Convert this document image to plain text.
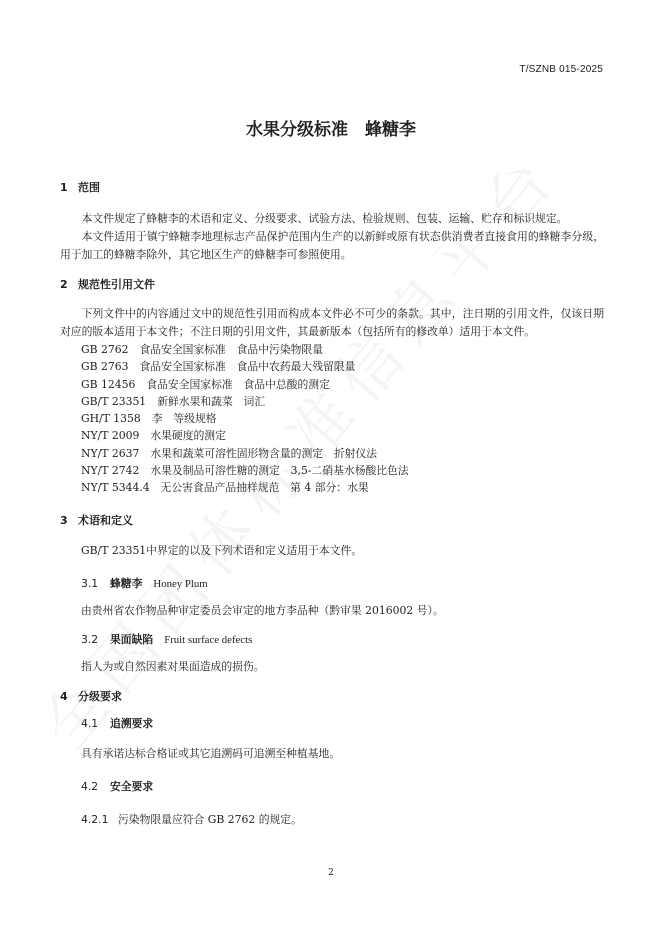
T/SZNB 015-2025
水果分级标准　蜂糖李
1 范围
本文件规定了蜂糖李的术语和定义、分级要求、试验方法、检验规则、包装、运输、贮存和标识规定。
本文件适用于镇宁蜂糖李地理标志产品保护范围内生产的以新鲜或原有状态供消费者直接食用的蜂糖李分级，用于加工的蜂糖李除外，其它地区生产的蜂糖李可参照使用。
2 规范性引用文件
下列文件中的内容通过文中的规范性引用而构成本文件必不可少的条款。其中，注日期的引用文件，仅该日期对应的版本适用于本文件；不注日期的引用文件，其最新版本（包括所有的修改单）适用于本文件。
GB 2762 食品安全国家标准　食品中污染物限量
GB 2763 食品安全国家标准　食品中农药最大残留限量
GB 12456 食品安全国家标准　食品中总酸的测定
GB/T 23351 新鲜水果和蔬菜　词汇
GH/T 1358 李　等级规格
NY/T 2009 水果硬度的测定
NY/T 2637 水果和蔬菜可溶性固形物含量的测定　折射仪法
NY/T 2742 水果及制品可溶性糖的测定　3,5-二硝基水杨酸比色法
NY/T 5344.4 无公害食品产品抽样规范　第 4 部分：水果
3 术语和定义
GB/T 23351中界定的以及下列术语和定义适用于本文件。
3.1 蜂糖李 Honey Plum
由贵州省农作物品种审定委员会审定的地方李品种（黔审果 2016002 号）。
3.2 果面缺陷 Fruit surface defects
指人为或自然因素对果面造成的损伤。
4 分级要求
4.1 追溯要求
具有承诺达标合格证或其它追溯码可追溯至种植基地。
4.2 安全要求
4.2.1 污染物限量应符合 GB 2762 的规定。
2
